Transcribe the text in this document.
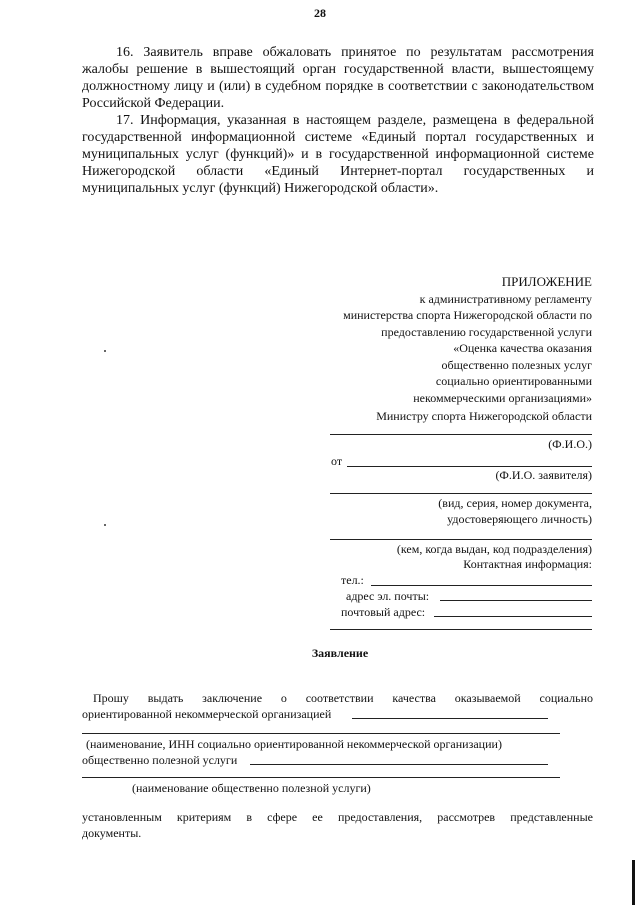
28

16. Заявитель вправе обжаловать принятое по результатам рассмотрения жалобы решение в вышестоящий орган государственной власти, вышестоящему должностному лицу и (или) в судебном порядке в соответствии с законодательством Российской Федерации.

17. Информация, указанная в настоящем разделе, размещена в федеральной государственной информационной системе «Единый портал государственных и муниципальных услуг (функций)» и в государственной информационной системе Нижегородской области «Единый Интернет-портал государственных и муниципальных услуг (функций) Нижегородской области».

ПРИЛОЖЕНИЕ
к административному регламенту
министерства спорта Нижегородской области по
предоставлению государственной услуги
«Оценка качества оказания
общественно полезных услуг
социально ориентированными
некоммерческими организациями»
Министру спорта Нижегородской области
(Ф.И.О.)
от
(Ф.И.О. заявителя)
(вид, серия, номер документа,
удостоверяющего личность)
(кем, когда выдан, код подразделения)
Контактная информация:
тел.:
адрес эл. почты:
почтовый адрес:
Заявление
Прошу выдать заключение о соответствии качества оказываемой социально
ориентированной некоммерческой организацией
(наименование, ИНН социально ориентированной некоммерческой организации)
общественно полезной услуги
(наименование общественно полезной услуги)
установленным критериям в сфере ее предоставления, рассмотрев представленные
документы.
